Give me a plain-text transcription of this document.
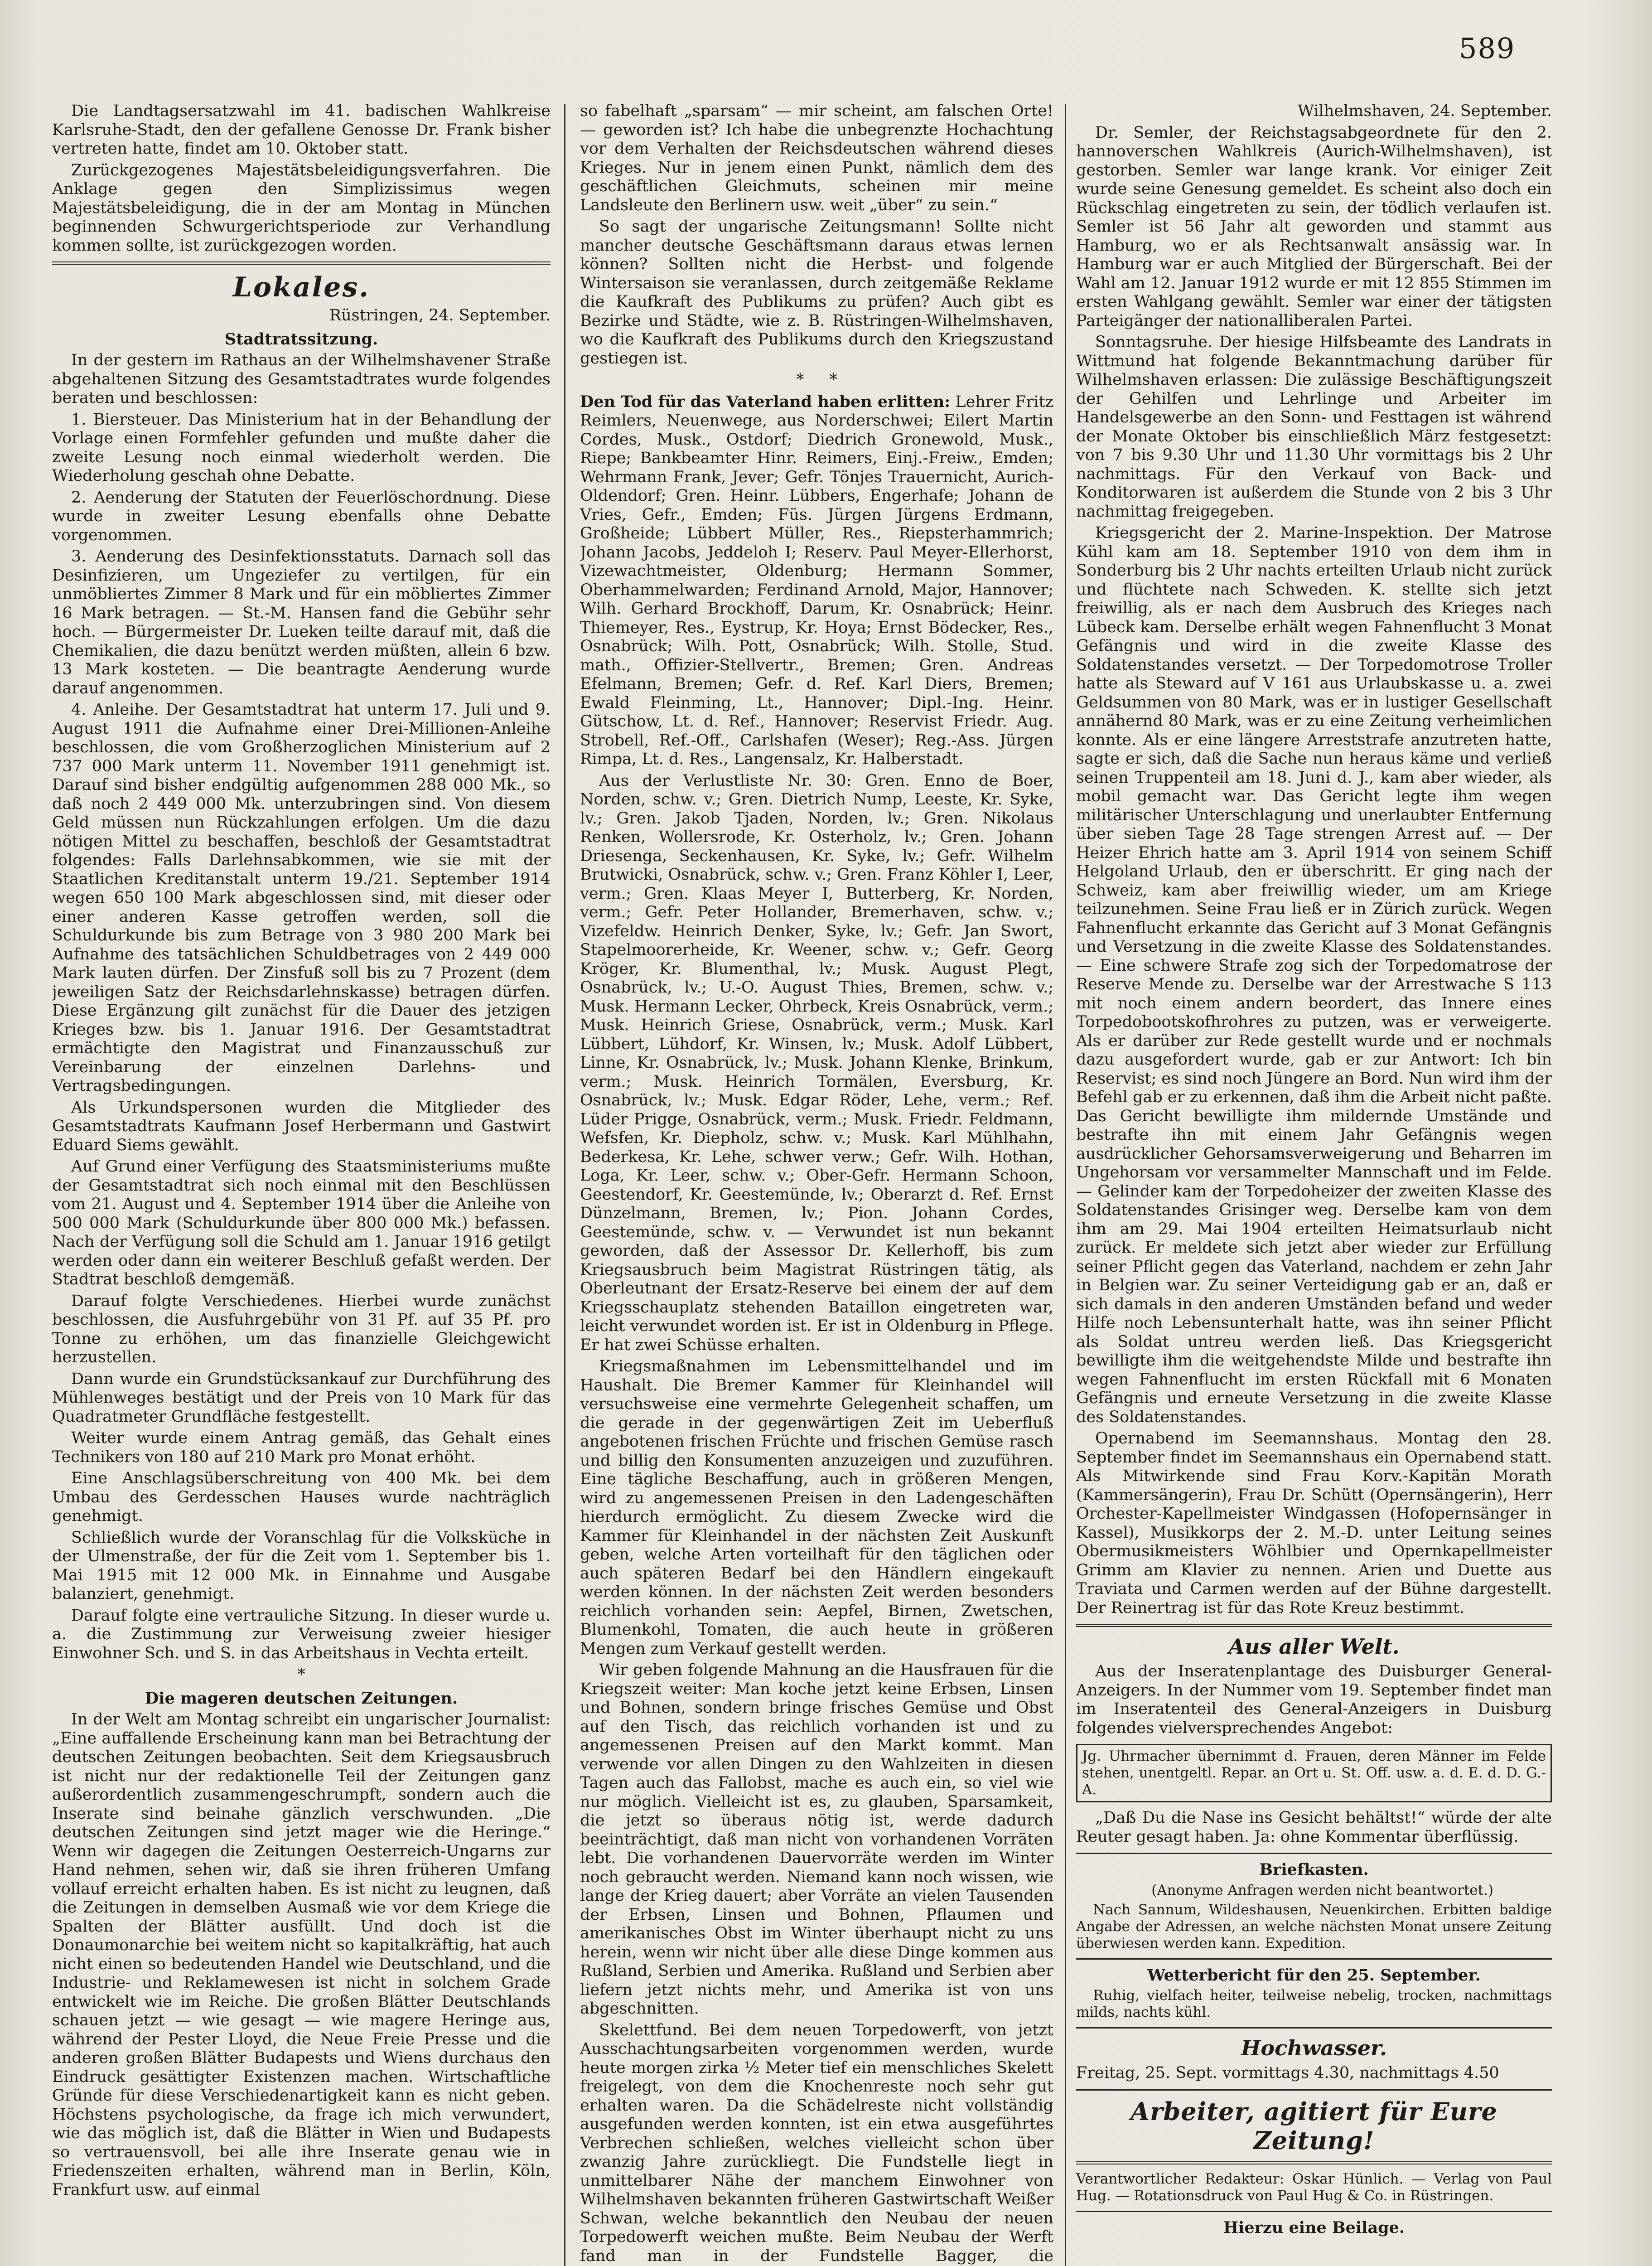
589

Die Landtagsersatzwahl im 41. badischen Wahlkreise Karlsruhe-Stadt, den der gefallene Genosse Dr. Frank bisher vertreten hatte, findet am 10. Oktober statt.

Zurückgezogenes Majestätsbeleidigungsverfahren. Die Anklage gegen den Simplizissimus wegen Majestätsbeleidigung, die in der am Montag in München beginnenden Schwurgerichtsperiode zur Verhandlung kommen sollte, ist zurückgezogen worden.

Lokales.

Rüstringen, 24. September.

Stadtratssitzung.

In der gestern im Rathaus an der Wilhelmshavener Straße abgehaltenen Sitzung des Gesamtstadtrates wurde folgendes beraten und beschlossen:

1. Biersteuer. Das Ministerium hat in der Behandlung der Vorlage einen Formfehler gefunden und mußte daher die zweite Lesung noch einmal wiederholt werden. Die Wiederholung geschah ohne Debatte.

2. Aenderung der Statuten der Feuerlöschordnung. Diese wurde in zweiter Lesung ebenfalls ohne Debatte vorgenommen.

3. Aenderung des Desinfektionsstatuts. Darnach soll das Desinfizieren, um Ungeziefer zu vertilgen, für ein unmöbliertes Zimmer 8 Mark und für ein möbliertes Zimmer 16 Mark betragen. — St.-M. Hansen fand die Gebühr sehr hoch. — Bürgermeister Dr. Lueken teilte darauf mit, daß die Chemikalien, die dazu benützt werden müßten, allein 6 bzw. 13 Mark kosteten. — Die beantragte Aenderung wurde darauf angenommen.

4. Anleihe. Der Gesamtstadtrat hat unterm 17. Juli und 9. August 1911 die Aufnahme einer Drei-Millionen-Anleihe beschlossen, die vom Großherzoglichen Ministerium auf 2 737 000 Mark unterm 11. November 1911 genehmigt ist. Darauf sind bisher endgültig aufgenommen 288 000 Mk., so daß noch 2 449 000 Mk. unterzubringen sind. Von diesem Geld müssen nun Rückzahlungen erfolgen. Um die dazu nötigen Mittel zu beschaffen, beschloß der Gesamtstadtrat folgendes: Falls Darlehnsabkommen, wie sie mit der Staatlichen Kreditanstalt unterm 19./21. September 1914 wegen 650 100 Mark abgeschlossen sind, mit dieser oder einer anderen Kasse getroffen werden, soll die Schuldurkunde bis zum Betrage von 3 980 200 Mark bei Aufnahme des tatsächlichen Schuldbetrages von 2 449 000 Mark lauten dürfen. Der Zinsfuß soll bis zu 7 Prozent (dem jeweiligen Satz der Reichsdarlehnskasse) betragen dürfen. Diese Ergänzung gilt zunächst für die Dauer des jetzigen Krieges bzw. bis 1. Januar 1916. Der Gesamtstadtrat ermächtigte den Magistrat und Finanzausschuß zur Vereinbarung der einzelnen Darlehns- und Vertragsbedingungen.

Als Urkundspersonen wurden die Mitglieder des Gesamtstadtrats Kaufmann Josef Herbermann und Gastwirt Eduard Siems gewählt.

Auf Grund einer Verfügung des Staatsministeriums mußte der Gesamtstadtrat sich noch einmal mit den Beschlüssen vom 21. August und 4. September 1914 über die Anleihe von 500 000 Mark (Schuldurkunde über 800 000 Mk.) befassen. Nach der Verfügung soll die Schuld am 1. Januar 1916 getilgt werden oder dann ein weiterer Beschluß gefaßt werden. Der Stadtrat beschloß demgemäß.

Darauf folgte Verschiedenes. Hierbei wurde zunächst beschlossen, die Ausfuhrgebühr von 31 Pf. auf 35 Pf. pro Tonne zu erhöhen, um das finanzielle Gleichgewicht herzustellen.

Dann wurde ein Grundstücksankauf zur Durchführung des Mühlenweges bestätigt und der Preis von 10 Mark für das Quadratmeter Grundfläche festgestellt.

Weiter wurde einem Antrag gemäß, das Gehalt eines Technikers von 180 auf 210 Mark pro Monat erhöht.

Eine Anschlagsüberschreitung von 400 Mk. bei dem Umbau des Gerdesschen Hauses wurde nachträglich genehmigt.

Schließlich wurde der Voranschlag für die Volksküche in der Ulmenstraße, der für die Zeit vom 1. September bis 1. Mai 1915 mit 12 000 Mk. in Einnahme und Ausgabe balanziert, genehmigt.

Darauf folgte eine vertrauliche Sitzung. In dieser wurde u. a. die Zustimmung zur Verweisung zweier hiesiger Einwohner Sch. und S. in das Arbeitshaus in Vechta erteilt.

*
Die mageren deutschen Zeitungen.

In der Welt am Montag schreibt ein ungarischer Journalist: „Eine auffallende Erscheinung kann man bei Betrachtung der deutschen Zeitungen beobachten. Seit dem Kriegsausbruch ist nicht nur der redaktionelle Teil der Zeitungen ganz außerordentlich zusammengeschrumpft, sondern auch die Inserate sind beinahe gänzlich verschwunden. „Die deutschen Zeitungen sind jetzt mager wie die Heringe.“ Wenn wir dagegen die Zeitungen Oesterreich-Ungarns zur Hand nehmen, sehen wir, daß sie ihren früheren Umfang vollauf erreicht erhalten haben. Es ist nicht zu leugnen, daß die Zeitungen in demselben Ausmaß wie vor dem Kriege die Spalten der Blätter ausfüllt. Und doch ist die Donaumonarchie bei weitem nicht so kapitalkräftig, hat auch nicht einen so bedeutenden Handel wie Deutschland, und die Industrie- und Reklamewesen ist nicht in solchem Grade entwickelt wie im Reiche. Die großen Blätter Deutschlands schauen jetzt — wie gesagt — wie magere Heringe aus, während der Pester Lloyd, die Neue Freie Presse und die anderen großen Blätter Budapests und Wiens durchaus den Eindruck gesättigter Existenzen machen. Wirtschaftliche Gründe für diese Verschiedenartigkeit kann es nicht geben. Höchstens psychologische, da frage ich mich verwundert, wie das möglich ist, daß die Blätter in Wien und Budapests so vertrauensvoll, bei alle ihre Inserate genau wie in Friedenszeiten erhalten, während man in Berlin, Köln, Frankfurt usw. auf einmal

so fabelhaft „sparsam“ — mir scheint, am falschen Orte! — geworden ist? Ich habe die unbegrenzte Hochachtung vor dem Verhalten der Reichsdeutschen während dieses Krieges. Nur in jenem einen Punkt, nämlich dem des geschäftlichen Gleichmuts, scheinen mir meine Landsleute den Berlinern usw. weit „über“ zu sein.“

So sagt der ungarische Zeitungsmann! Sollte nicht mancher deutsche Geschäftsmann daraus etwas lernen können? Sollten nicht die Herbst- und folgende Wintersaison sie veranlassen, durch zeitgemäße Reklame die Kaufkraft des Publikums zu prüfen? Auch gibt es Bezirke und Städte, wie z. B. Rüstringen-Wilhelmshaven, wo die Kaufkraft des Publikums durch den Kriegszustand gestiegen ist.

*     *

Den Tod für das Vaterland haben erlitten: Lehrer Fritz Reimlers, Neuenwege, aus Norderschwei; Eilert Martin Cordes, Musk., Ostdorf; Diedrich Gronewold, Musk., Riepe; Bankbeamter Hinr. Reimers, Einj.-Freiw., Emden; Wehrmann Frank, Jever; Gefr. Tönjes Trauernicht, Aurich-Oldendorf; Gren. Heinr. Lübbers, Engerhafe; Johann de Vries, Gefr., Emden; Füs. Jürgen Jürgens Erdmann, Großheide; Lübbert Müller, Res., Riepsterhammrich; Johann Jacobs, Jeddeloh I; Reserv. Paul Meyer-Ellerhorst, Vizewachtmeister, Oldenburg; Hermann Sommer, Oberhammelwarden; Ferdinand Arnold, Major, Hannover; Wilh. Gerhard Brockhoff, Darum, Kr. Osnabrück; Heinr. Thiemeyer, Res., Eystrup, Kr. Hoya; Ernst Bödecker, Res., Osnabrück; Wilh. Pott, Osnabrück; Wilh. Stolle, Stud. math., Offizier-Stellvertr., Bremen; Gren. Andreas Efelmann, Bremen; Gefr. d. Ref. Karl Diers, Bremen; Ewald Fleinming, Lt., Hannover; Dipl.-Ing. Heinr. Gütschow, Lt. d. Ref., Hannover; Reservist Friedr. Aug. Strobell, Ref.-Off., Carlshafen (Weser); Reg.-Ass. Jürgen Rimpa, Lt. d. Res., Langensalz, Kr. Halberstadt.

Aus der Verlustliste Nr. 30: Gren. Enno de Boer, Norden, schw. v.; Gren. Dietrich Nump, Leeste, Kr. Syke, lv.; Gren. Jakob Tjaden, Norden, lv.; Gren. Nikolaus Renken, Wollersrode, Kr. Osterholz, lv.; Gren. Johann Driesenga, Seckenhausen, Kr. Syke, lv.; Gefr. Wilhelm Brutwicki, Osnabrück, schw. v.; Gren. Franz Köhler I, Leer, verm.; Gren. Klaas Meyer I, Butterberg, Kr. Norden, verm.; Gefr. Peter Hollander, Bremerhaven, schw. v.; Vizefeldw. Heinrich Denker, Syke, lv.; Gefr. Jan Swort, Stapelmoorerheide, Kr. Weener, schw. v.; Gefr. Georg Kröger, Kr. Blumenthal, lv.; Musk. August Plegt, Osnabrück, lv.; U.-O. August Thies, Bremen, schw. v.; Musk. Hermann Lecker, Ohrbeck, Kreis Osnabrück, verm.; Musk. Heinrich Griese, Osnabrück, verm.; Musk. Karl Lübbert, Lühdorf, Kr. Winsen, lv.; Musk. Adolf Lübbert, Linne, Kr. Osnabrück, lv.; Musk. Johann Klenke, Brinkum, verm.; Musk. Heinrich Tormälen, Eversburg, Kr. Osnabrück, lv.; Musk. Edgar Röder, Lehe, verm.; Ref. Lüder Prigge, Osnabrück, verm.; Musk. Friedr. Feldmann, Wefsfen, Kr. Diepholz, schw. v.; Musk. Karl Mühlhahn, Bederkesa, Kr. Lehe, schwer verw.; Gefr. Wilh. Hothan, Loga, Kr. Leer, schw. v.; Ober-Gefr. Hermann Schoon, Geestendorf, Kr. Geestemünde, lv.; Oberarzt d. Ref. Ernst Dünzelmann, Bremen, lv.; Pion. Johann Cordes, Geestemünde, schw. v. — Verwundet ist nun bekannt geworden, daß der Assessor Dr. Kellerhoff, bis zum Kriegsausbruch beim Magistrat Rüstringen tätig, als Oberleutnant der Ersatz-Reserve bei einem der auf dem Kriegsschauplatz stehenden Bataillon eingetreten war, leicht verwundet worden ist. Er ist in Oldenburg in Pflege. Er hat zwei Schüsse erhalten.

Kriegsmaßnahmen im Lebensmittelhandel und im Haushalt. Die Bremer Kammer für Kleinhandel will versuchsweise eine vermehrte Gelegenheit schaffen, um die gerade in der gegenwärtigen Zeit im Ueberfluß angebotenen frischen Früchte und frischen Gemüse rasch und billig den Konsumenten anzuzeigen und zuzuführen. Eine tägliche Beschaffung, auch in größeren Mengen, wird zu angemessenen Preisen in den Ladengeschäften hierdurch ermöglicht. Zu diesem Zwecke wird die Kammer für Kleinhandel in der nächsten Zeit Auskunft geben, welche Arten vorteilhaft für den täglichen oder auch späteren Bedarf bei den Händlern eingekauft werden können. In der nächsten Zeit werden besonders reichlich vorhanden sein: Aepfel, Birnen, Zwetschen, Blumenkohl, Tomaten, die auch heute in größeren Mengen zum Verkauf gestellt werden.

Wir geben folgende Mahnung an die Hausfrauen für die Kriegszeit weiter: Man koche jetzt keine Erbsen, Linsen und Bohnen, sondern bringe frisches Gemüse und Obst auf den Tisch, das reichlich vorhanden ist und zu angemessenen Preisen auf den Markt kommt. Man verwende vor allen Dingen zu den Wahlzeiten in diesen Tagen auch das Fallobst, mache es auch ein, so viel wie nur möglich. Vielleicht ist es, zu glauben, Sparsamkeit, die jetzt so überaus nötig ist, werde dadurch beeinträchtigt, daß man nicht von vorhandenen Vorräten lebt. Die vorhandenen Dauervorräte werden im Winter noch gebraucht werden. Niemand kann noch wissen, wie lange der Krieg dauert; aber Vorräte an vielen Tausenden der Erbsen, Linsen und Bohnen, Pflaumen und amerikanisches Obst im Winter überhaupt nicht zu uns herein, wenn wir nicht über alle diese Dinge kommen aus Rußland, Serbien und Amerika. Rußland und Serbien aber liefern jetzt nichts mehr, und Amerika ist von uns abgeschnitten.

Skelettfund. Bei dem neuen Torpedowerft, von jetzt Ausschachtungsarbeiten vorgenommen werden, wurde heute morgen zirka ½ Meter tief ein menschliches Skelett freigelegt, von dem die Knochenreste noch sehr gut erhalten waren. Da die Schädelreste nicht vollständig ausgefunden werden konnten, ist ein etwa ausgeführtes Verbrechen schließen, welches vielleicht schon über zwanzig Jahre zurückliegt. Die Fundstelle liegt in unmittelbarer Nähe der manchem Einwohner von Wilhelmshaven bekannten früheren Gastwirtschaft Weißer Schwan, welche bekanntlich den Neubau der neuen Torpedowerft weichen mußte. Beim Neubau der Werft fand man in der Fundstelle Bagger, die

Wilhelmshaven, 24. September.

Dr. Semler, der Reichstagsabgeordnete für den 2. hannoverschen Wahlkreis (Aurich-Wilhelmshaven), ist gestorben. Semler war lange krank. Vor einiger Zeit wurde seine Genesung gemeldet. Es scheint also doch ein Rückschlag eingetreten zu sein, der tödlich verlaufen ist. Semler ist 56 Jahr alt geworden und stammt aus Hamburg, wo er als Rechtsanwalt ansässig war. In Hamburg war er auch Mitglied der Bürgerschaft. Bei der Wahl am 12. Januar 1912 wurde er mit 12 855 Stimmen im ersten Wahlgang gewählt. Semler war einer der tätigsten Parteigänger der nationalliberalen Partei.

Sonntagsruhe. Der hiesige Hilfsbeamte des Landrats in Wittmund hat folgende Bekanntmachung darüber für Wilhelmshaven erlassen: Die zulässige Beschäftigungszeit der Gehilfen und Lehrlinge und Arbeiter im Handelsgewerbe an den Sonn- und Festtagen ist während der Monate Oktober bis einschließlich März festgesetzt: von 7 bis 9.30 Uhr und 11.30 Uhr vormittags bis 2 Uhr nachmittags. Für den Verkauf von Back- und Konditorwaren ist außerdem die Stunde von 2 bis 3 Uhr nachmittag freigegeben.

Kriegsgericht der 2. Marine-Inspektion. Der Matrose Kühl kam am 18. September 1910 von dem ihm in Sonderburg bis 2 Uhr nachts erteilten Urlaub nicht zurück und flüchtete nach Schweden. K. stellte sich jetzt freiwillig, als er nach dem Ausbruch des Krieges nach Lübeck kam. Derselbe erhält wegen Fahnenflucht 3 Monat Gefängnis und wird in die zweite Klasse des Soldatenstandes versetzt. — Der Torpedomotrose Troller hatte als Steward auf V 161 aus Urlaubskasse u. a. zwei Geldsummen von 80 Mark, was er in lustiger Gesellschaft annähernd 80 Mark, was er zu eine Zeitung verheimlichen konnte. Als er eine längere Arreststrafe anzutreten hatte, sagte er sich, daß die Sache nun heraus käme und verließ seinen Truppenteil am 18. Juni d. J., kam aber wieder, als mobil gemacht war. Das Gericht legte ihm wegen militärischer Unterschlagung und unerlaubter Entfernung über sieben Tage 28 Tage strengen Arrest auf. — Der Heizer Ehrich hatte am 3. April 1914 von seinem Schiff Helgoland Urlaub, den er überschritt. Er ging nach der Schweiz, kam aber freiwillig wieder, um am Kriege teilzunehmen. Seine Frau ließ er in Zürich zurück. Wegen Fahnenflucht erkannte das Gericht auf 3 Monat Gefängnis und Versetzung in die zweite Klasse des Soldatenstandes. — Eine schwere Strafe zog sich der Torpedomatrose der Reserve Mende zu. Derselbe war der Arrestwache S 113 mit noch einem andern beordert, das Innere eines Torpedobootskofhrohres zu putzen, was er verweigerte. Als er darüber zur Rede gestellt wurde und er nochmals dazu ausgefordert wurde, gab er zur Antwort: Ich bin Reservist; es sind noch Jüngere an Bord. Nun wird ihm der Befehl gab er zu erkennen, daß ihm die Arbeit nicht paßte. Das Gericht bewilligte ihm mildernde Umstände und bestrafte ihn mit einem Jahr Gefängnis wegen ausdrücklicher Gehorsamsverweigerung und Beharren im Ungehorsam vor versammelter Mannschaft und im Felde. — Gelinder kam der Torpedoheizer der zweiten Klasse des Soldatenstandes Grisinger weg. Derselbe kam von dem ihm am 29. Mai 1904 erteilten Heimatsurlaub nicht zurück. Er meldete sich jetzt aber wieder zur Erfüllung seiner Pflicht gegen das Vaterland, nachdem er zehn Jahr in Belgien war. Zu seiner Verteidigung gab er an, daß er sich damals in den anderen Umständen befand und weder Hilfe noch Lebensunterhalt hatte, was ihn seiner Pflicht als Soldat untreu werden ließ. Das Kriegsgericht bewilligte ihm die weitgehendste Milde und bestrafte ihn wegen Fahnenflucht im ersten Rückfall mit 6 Monaten Gefängnis und erneute Versetzung in die zweite Klasse des Soldatenstandes.

Opernabend im Seemannshaus. Montag den 28. September findet im Seemannshaus ein Opernabend statt. Als Mitwirkende sind Frau Korv.-Kapitän Morath (Kammersängerin), Frau Dr. Schütt (Opernsängerin), Herr Orchester-Kapellmeister Windgassen (Hofopernsänger in Kassel), Musikkorps der 2. M.-D. unter Leitung seines Obermusikmeisters Wöhlbier und Opernkapellmeister Grimm am Klavier zu nennen. Arien und Duette aus Traviata und Carmen werden auf der Bühne dargestellt. Der Reinertrag ist für das Rote Kreuz bestimmt.

Aus aller Welt.

Aus der Inseratenplantage des Duisburger General-Anzeigers. In der Nummer vom 19. September findet man im Inseratenteil des General-Anzeigers in Duisburg folgendes vielversprechendes Angebot:

Jg. Uhrmacher übernimmt d. Frauen, deren Männer im Felde stehen, unentgeltl. Repar. an Ort u. St. Off. usw. a. d. E. d. D. G.-A.

„Daß Du die Nase ins Gesicht behältst!“ würde der alte Reuter gesagt haben. Ja: ohne Kommentar überflüssig.

Briefkasten.

(Anonyme Anfragen werden nicht beantwortet.)

Nach Sannum, Wildeshausen, Neuenkirchen. Erbitten baldige Angabe der Adressen, an welche nächsten Monat unsere Zeitung überwiesen werden kann. Expedition.

Wetterbericht für den 25. September.

Ruhig, vielfach heiter, teilweise nebelig, trocken, nachmittags milds, nachts kühl.

Hochwasser.

Freitag, 25. Sept. vormittags 4.30, nachmittags 4.50

Arbeiter, agitiert für Eure Zeitung!

Verantwortlicher Redakteur: Oskar Hünlich. — Verlag von Paul Hug. — Rotationsdruck von Paul Hug & Co. in Rüstringen.

Hierzu eine Beilage.
